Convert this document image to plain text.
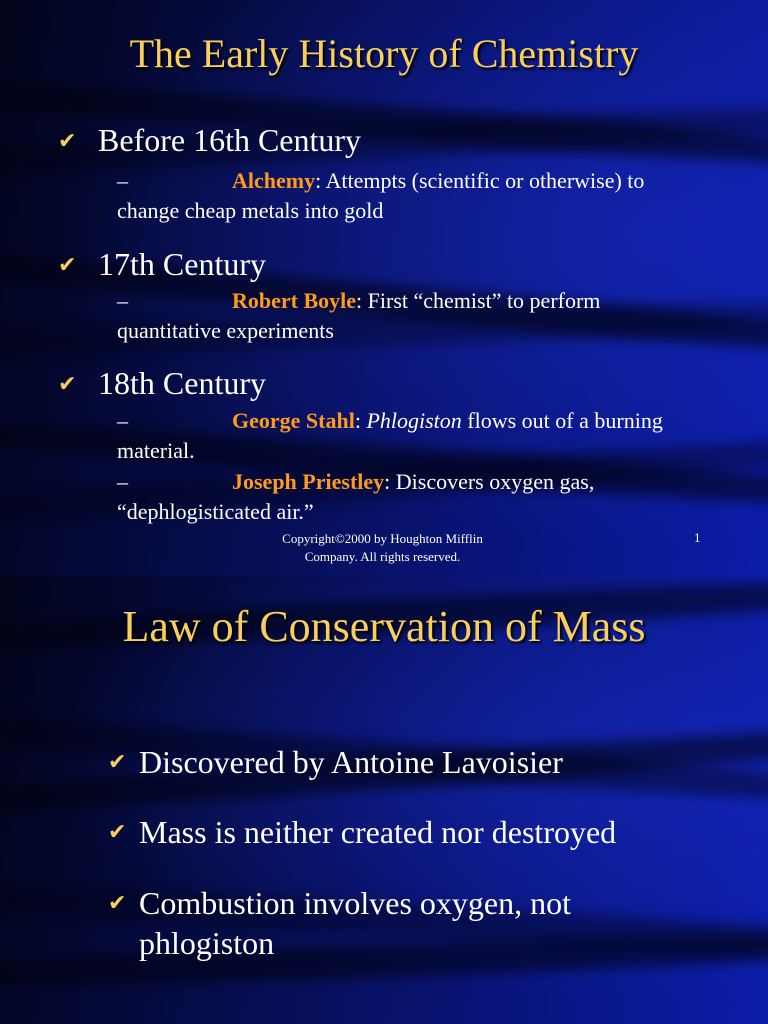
The Early History of Chemistry
✔ Before 16th Century
–	Alchemy: Attempts (scientific or otherwise) to change cheap metals into gold
✔ 17th Century
–	Robert Boyle: First “chemist” to perform quantitative experiments
✔ 18th Century
–	George Stahl: Phlogiston flows out of a burning material.
–	Joseph Priestley: Discovers oxygen gas, “dephlogisticated air.”
Copyright©2000 by Houghton Mifflin Company. All rights reserved.
1
Law of Conservation of Mass
✔ Discovered by Antoine Lavoisier
✔ Mass is neither created nor destroyed
✔ Combustion involves oxygen, not phlogiston
